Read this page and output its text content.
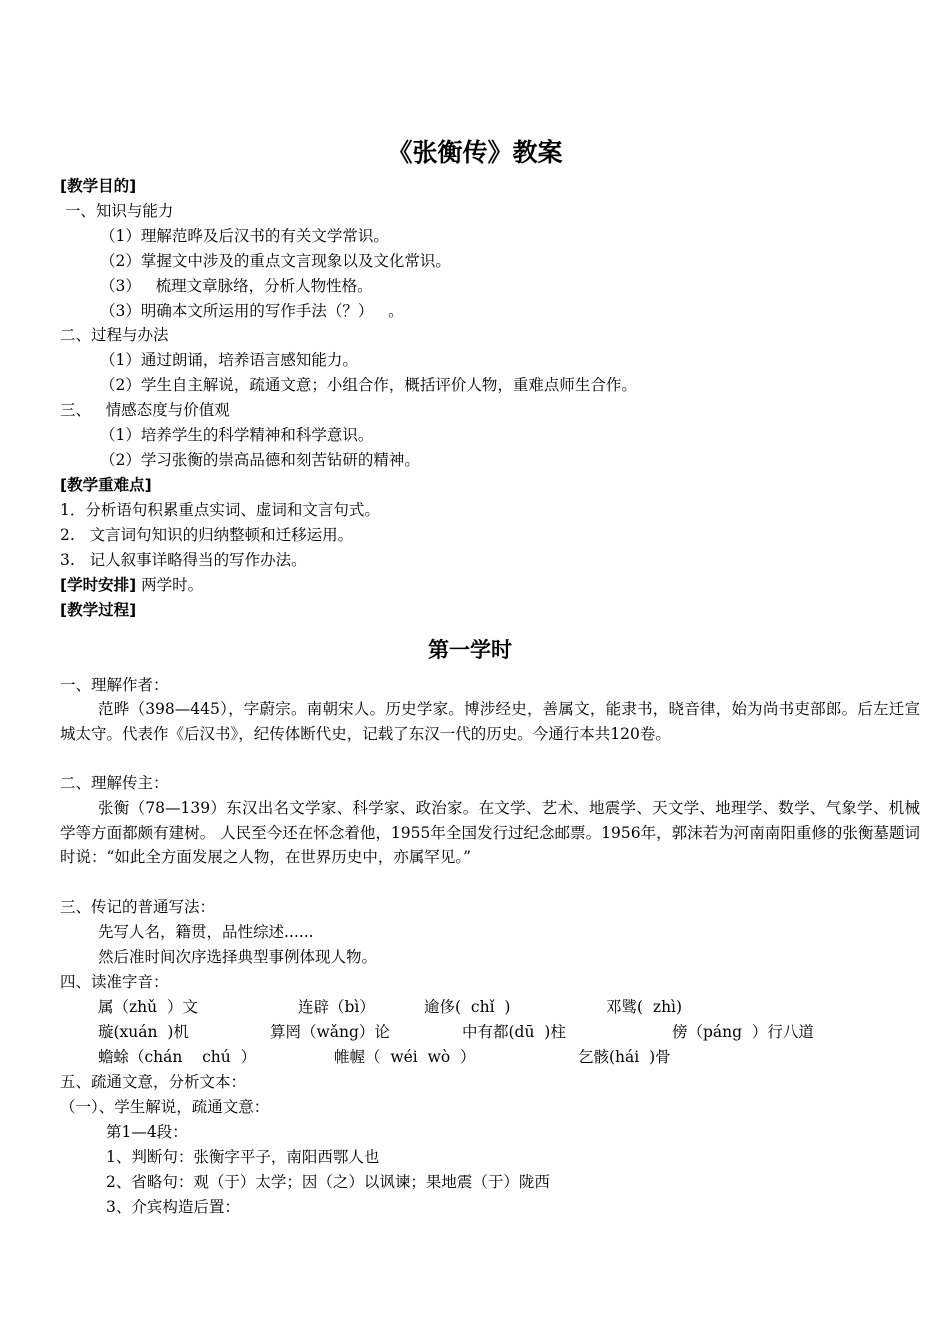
《张衡传》教案
[教学目的]
一、知识与能力
（1）理解范晔及后汉书的有关文学常识。
（2）掌握文中涉及的重点文言现象以及文化常识。
（3）   梳理文章脉络，分析人物性格。
（3）明确本文所运用的写作手法（？）   。
二、过程与办法
（1）通过朗诵，培养语言感知能力。
（2）学生自主解说，疏通文意；小组合作，概括评价人物，重难点师生合作。
三、   情感态度与价值观
（1）培养学生的科学精神和科学意识。
（2）学习张衡的崇高品德和刻苦钻研的精神。
[教学重难点]
1．分析语句积累重点实词、虚词和文言句式。
2.   文言词句知识的归纳整顿和迁移运用。
3.   记人叙事详略得当的写作办法。
[学时安排] 两学时。
[教学过程]
第一学时
一、理解作者：
范晔（398—445），字蔚宗。南朝宋人。历史学家。博涉经史，善属文，能隶书，晓音律，始为尚书吏部郎。后左迁宣城太守。代表作《后汉书》，纪传体断代史，记载了东汉一代的历史。今通行本共120卷。
二、理解传主：
张衡（78—139）东汉出名文学家、科学家、政治家。在文学、艺术、地震学、天文学、地理学、数学、气象学、机械学等方面都颇有建树。 人民至今还在怀念着他，1955年全国发行过纪念邮票。1956年，郭沫若为河南南阳重修的张衡墓题词时说：“如此全方面发展之人物，在世界历史中，亦属罕见。”
三、传记的普通写法：
先写人名，籍贯，品性综述......
然后准时间次序选择典型事例体现人物。
四、读准字音：
属（zhǔ  ）文	连辟（bì）	逾侈(  chǐ  )	邓骘(  zhì)
璇(xuán  )机	算罔（wǎng）论	中有都(dū  )柱	傍（páng  ）行八道
蟾蜍（chán    chú  ）	帷幄（  wéi  wò  ）	乞骸(hái  )骨
五、疏通文意，分析文本：
（一）、学生解说，疏通文意：
第1—4段：
1、判断句：张衡字平子，南阳西鄂人也
2、省略句：观（于）太学；因（之）以讽谏；果地震（于）陇西
3、介宾构造后置：
